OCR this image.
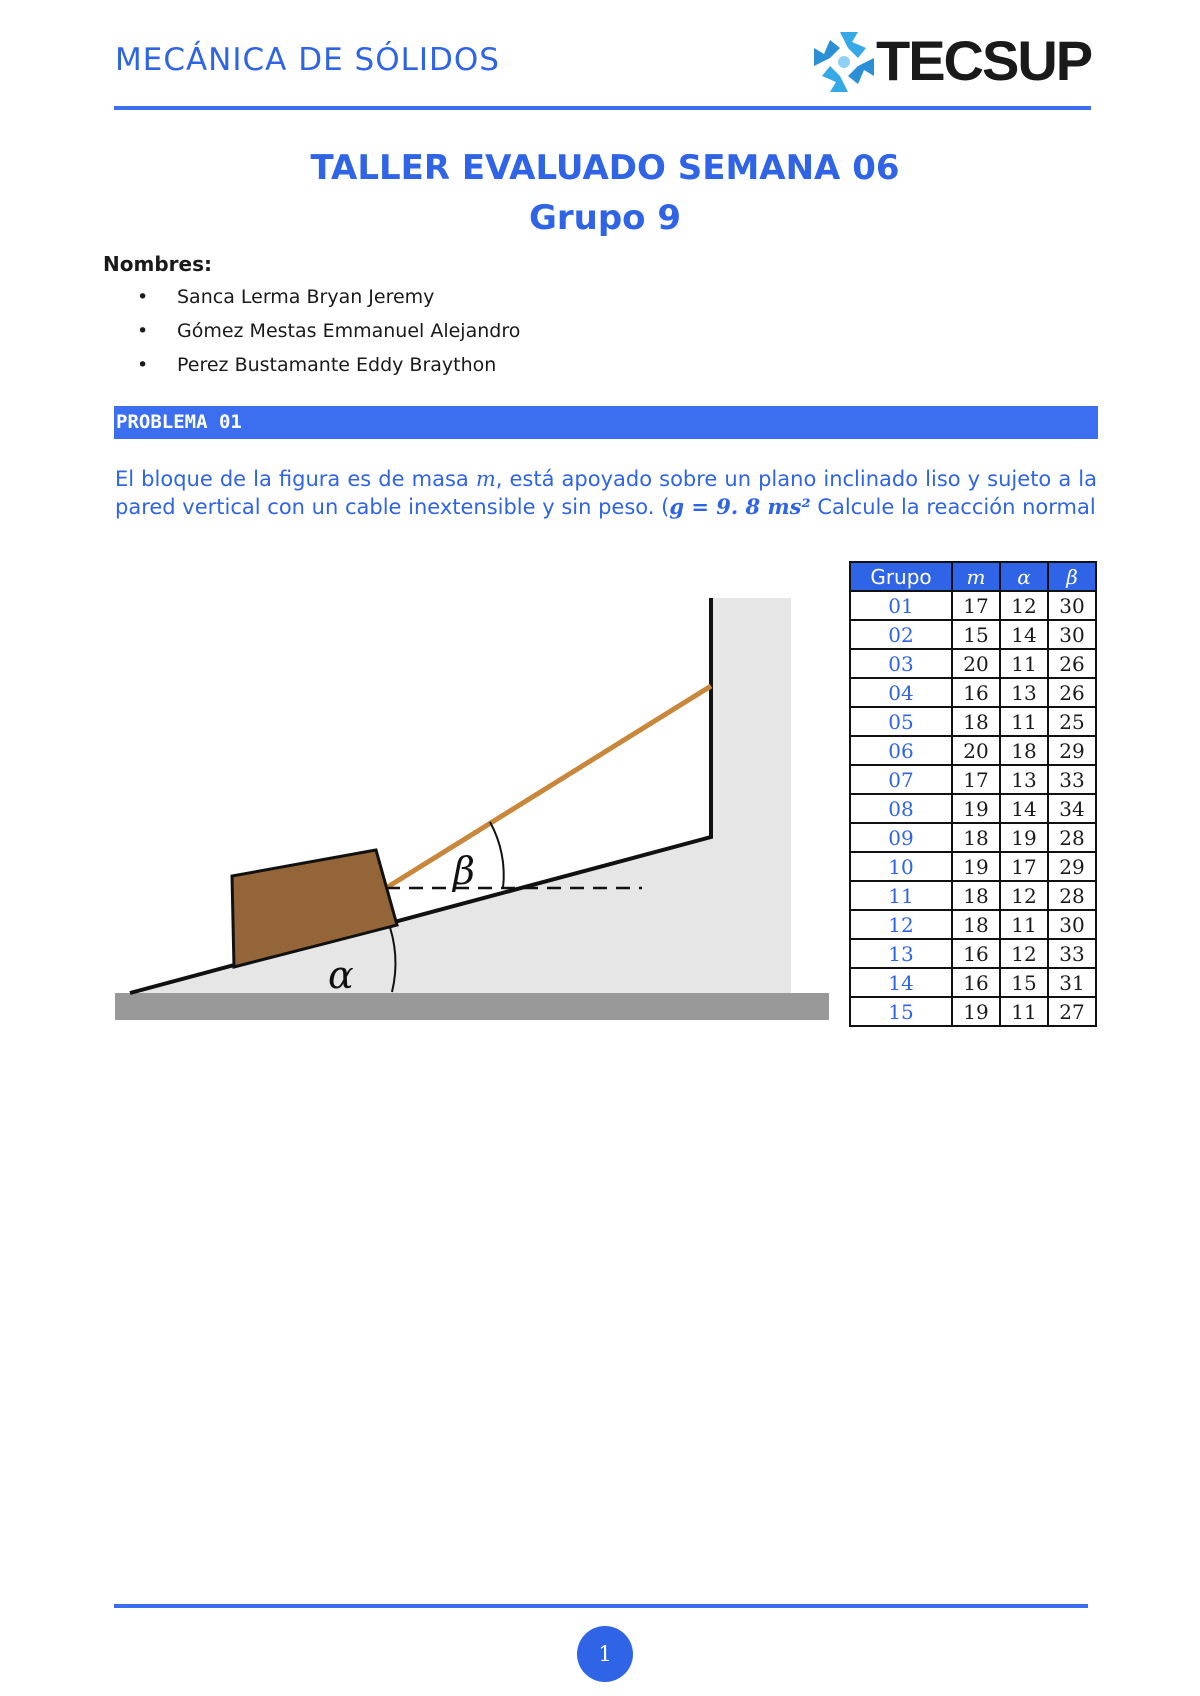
MECÁNICA DE SÓLIDOS	TECSUP
TALLER EVALUADO SEMANA 06
Grupo 9
Nombres:
• Sanca Lerma Bryan Jeremy
• Gómez Mestas Emmanuel Alejandro
• Perez Bustamante Eddy Braython
PROBLEMA 01
El bloque de la figura es de masa m, está apoyado sobre un plano inclinado liso y sujeto a la pared vertical con un cable inextensible y sin peso. (g = 9. 8 ms² Calcule la reacción normal
β
α
Grupo	m	α	β
01	17	12	30
02	15	14	30
03	20	11	26
04	16	13	26
05	18	11	25
06	20	18	29
07	17	13	33
08	19	14	34
09	18	19	28
10	19	17	29
11	18	12	28
12	18	11	30
13	16	12	33
14	16	15	31
15	19	11	27
1
